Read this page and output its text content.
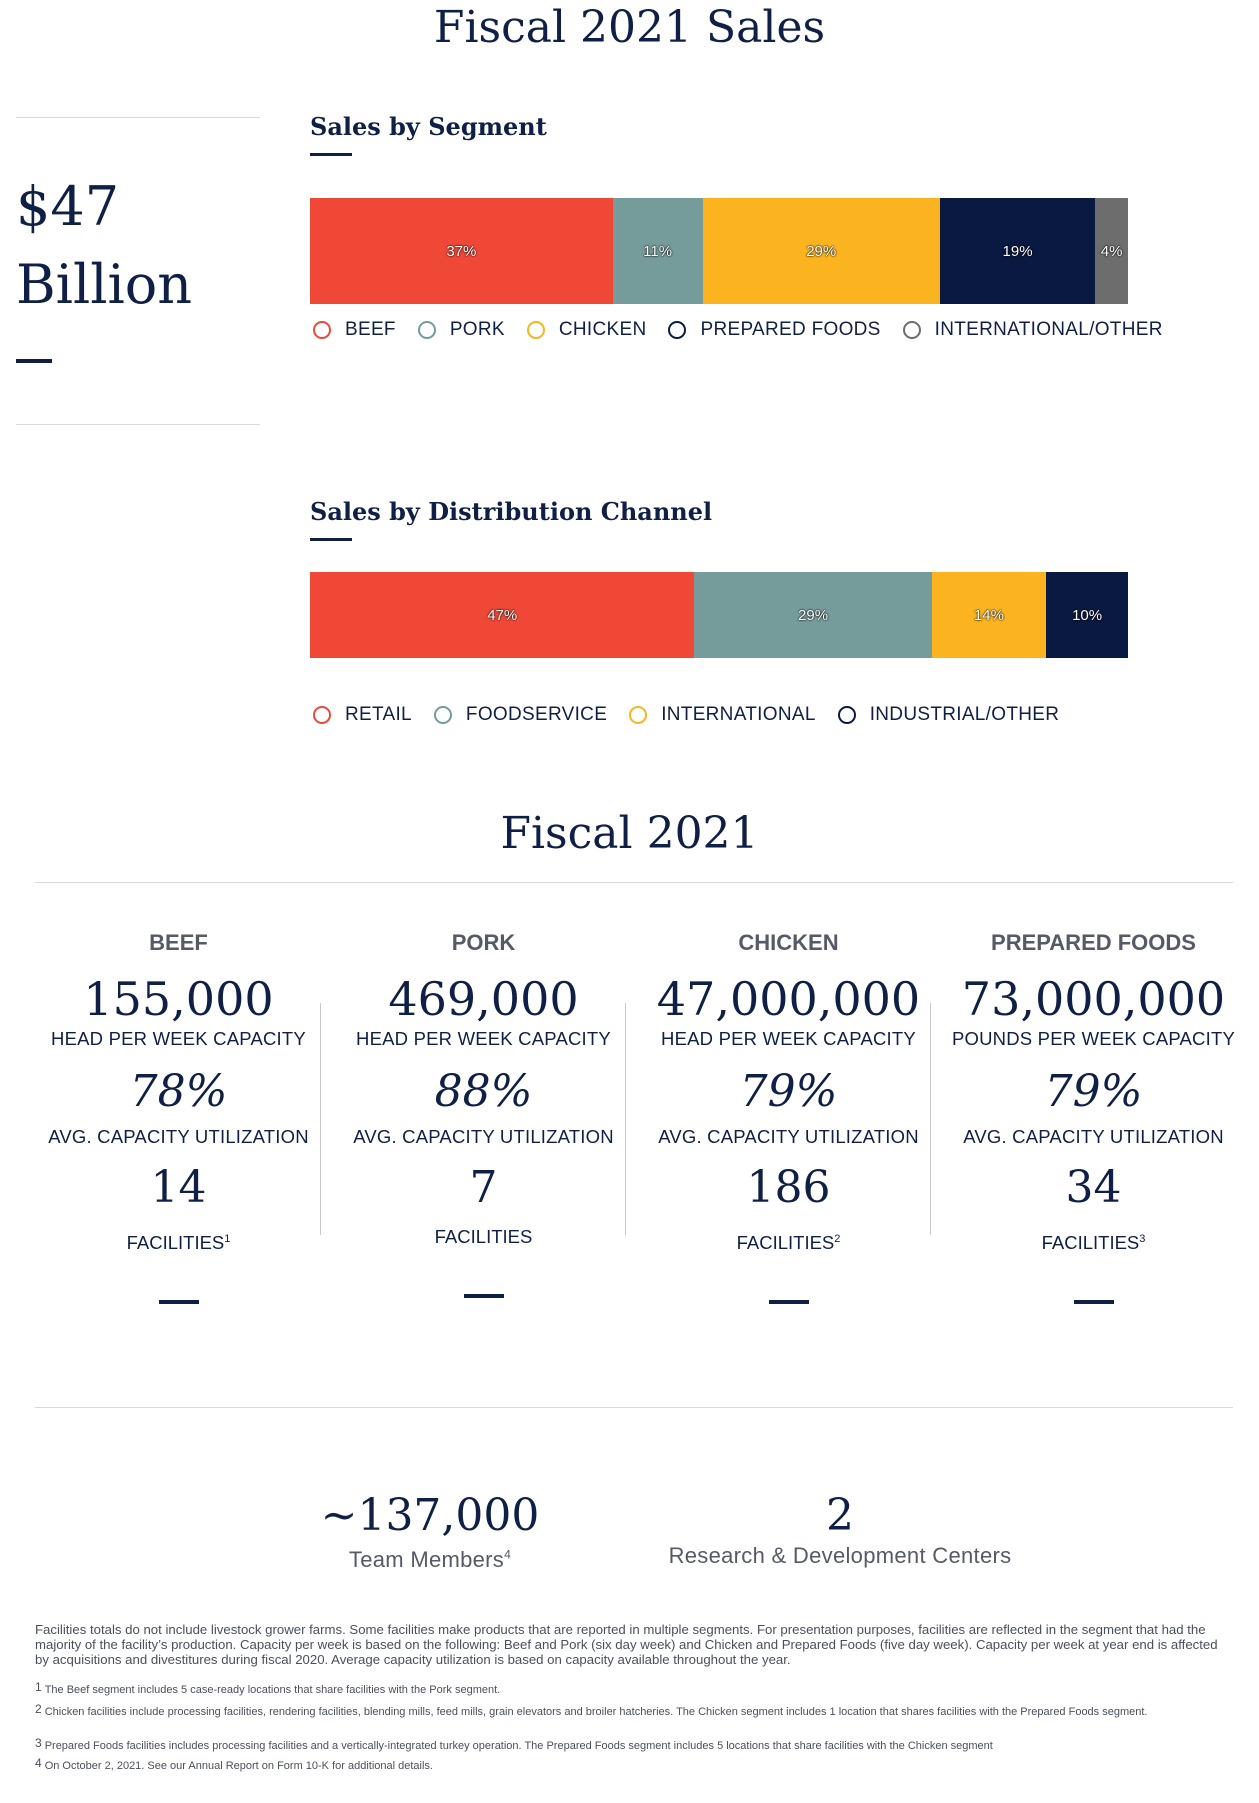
Fiscal 2021 Sales
$47
Billion
Sales by Segment
37%	11%	29%	19%	4%
BEEF	PORK	CHICKEN	PREPARED FOODS	INTERNATIONAL/OTHER
Sales by Distribution Channel
47%	29%	14%	10%
RETAIL	FOODSERVICE	INTERNATIONAL	INDUSTRIAL/OTHER
Fiscal 2021
BEEF
155,000
HEAD PER WEEK CAPACITY
78%
AVG. CAPACITY UTILIZATION
14
FACILITIES$^1$
PORK
469,000
HEAD PER WEEK CAPACITY
88%
AVG. CAPACITY UTILIZATION
7
FACILITIES
CHICKEN
47,000,000
HEAD PER WEEK CAPACITY
79%
AVG. CAPACITY UTILIZATION
186
FACILITIES$^2$
PREPARED FOODS
73,000,000
POUNDS PER WEEK CAPACITY
79%
AVG. CAPACITY UTILIZATION
34
FACILITIES$^3$
~137,000
Team Members$^4$
2
Research & Development Centers
Facilities totals do not include livestock grower farms. Some facilities make products that are reported in multiple segments. For presentation purposes, facilities are reflected in the segment that had the majority of the facility’s production. Capacity per week is based on the following: Beef and Pork (six day week) and Chicken and Prepared Foods (five day week). Capacity per week at year end is affected by acquisitions and divestitures during fiscal 2020. Average capacity utilization is based on capacity available throughout the year.
$^1$ The Beef segment includes 5 case-ready locations that share facilities with the Pork segment.
$^2$ Chicken facilities include processing facilities, rendering facilities, blending mills, feed mills, grain elevators and broiler hatcheries. The Chicken segment includes 1 location that shares facilities with the Prepared Foods segment.
$^3$ Prepared Foods facilities includes processing facilities and a vertically-integrated turkey operation. The Prepared Foods segment includes 5 locations that share facilities with the Chicken segment
$^4$ On October 2, 2021. See our Annual Report on Form 10-K for additional details.
